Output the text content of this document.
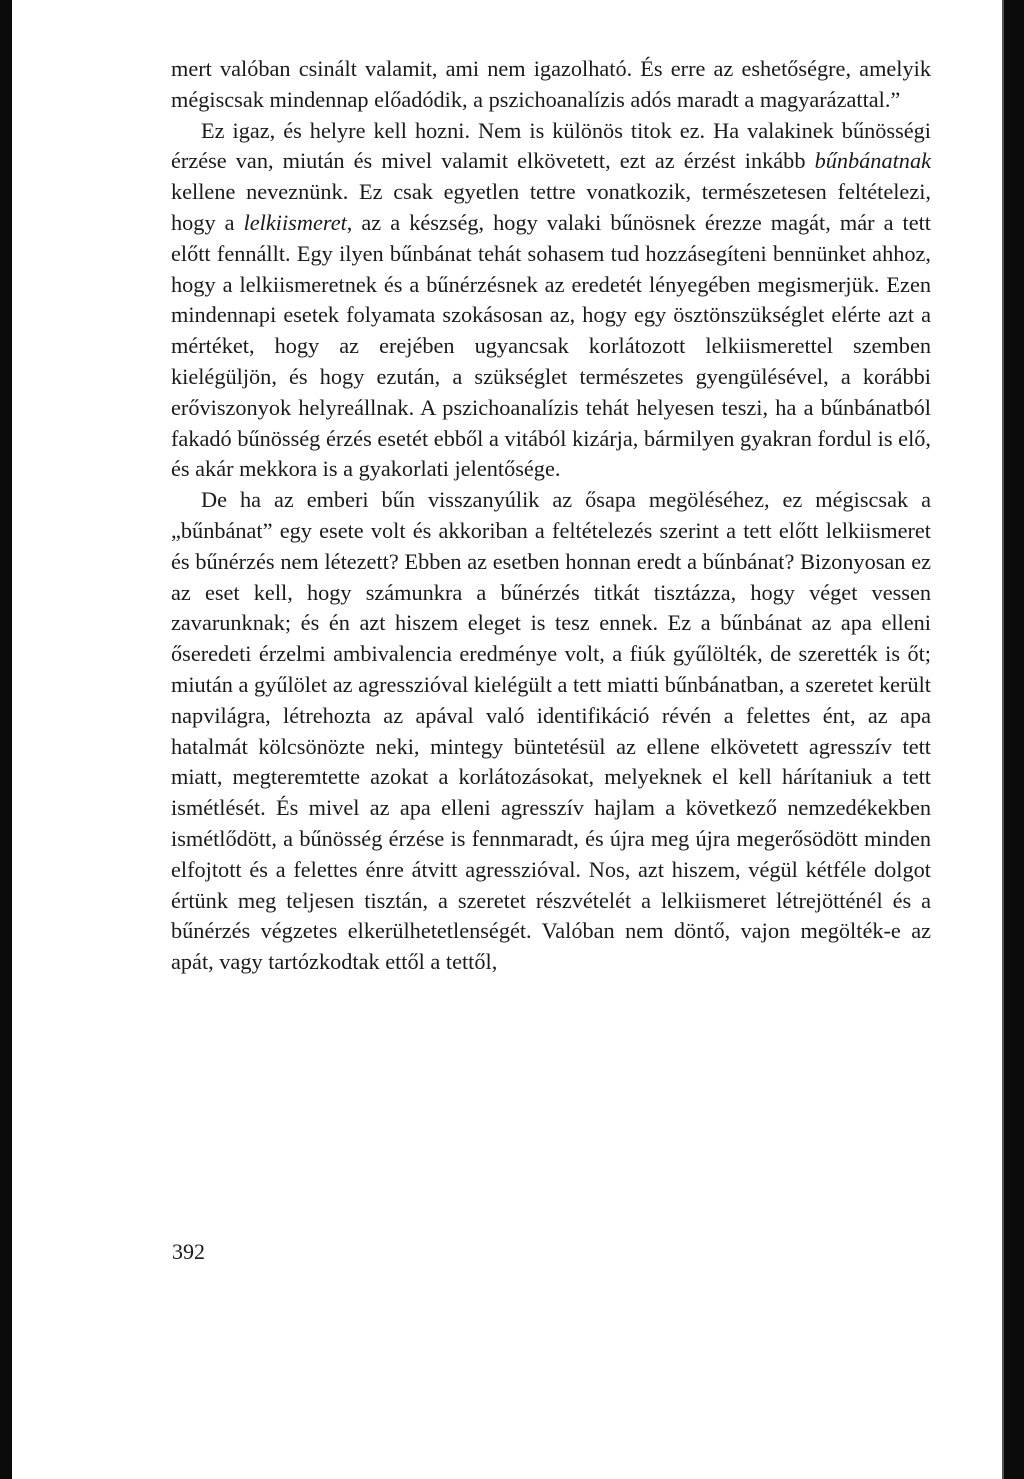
mert valóban csinált valamit, ami nem igazolható. És erre az eshetőségre, amelyik mégiscsak mindennap előadódik, a pszichoanalízis adós maradt a magyarázattal.”

Ez igaz, és helyre kell hozni. Nem is különös titok ez. Ha valakinek bűnösségi érzése van, miután és mivel valamit elkövetett, ezt az érzést inkább bűnbánatnak kellene neveznünk. Ez csak egyetlen tettre vonatkozik, természetesen feltételezi, hogy a lelkiismeret, az a készség, hogy valaki bűnösnek érezze magát, már a tett előtt fennállt. Egy ilyen bűnbánat tehát sohasem tud hozzásegíteni bennünket ahhoz, hogy a lelkiismeretnek és a bűnérzésnek az eredetét lényegében megismerjük. Ezen mindennapi esetek folyamata szokásosan az, hogy egy ösztönszükséglet elérte azt a mértéket, hogy az erejében ugyancsak korlátozott lelkiismerettel szemben kielégüljön, és hogy ezután, a szükséglet természetes gyengülésével, a korábbi erőviszonyok helyreállnak. A pszichoanalízis tehát helyesen teszi, ha a bűnbánatból fakadó bűnösség érzés esetét ebből a vitából kizárja, bármilyen gyakran fordul is elő, és akár mekkora is a gyakorlati jelentősége.

De ha az emberi bűn visszanyúlik az ősapa megöléséhez, ez mégiscsak a „bűnbánat” egy esete volt és akkoriban a feltételezés szerint a tett előtt lelkiismeret és bűnérzés nem létezett? Ebben az esetben honnan eredt a bűnbánat? Bizonyosan ez az eset kell, hogy számunkra a bűnérzés titkát tisztázza, hogy véget vessen zavarunknak; és én azt hiszem eleget is tesz ennek. Ez a bűnbánat az apa elleni őseredeti érzelmi ambivalencia eredménye volt, a fiúk gyűlölték, de szerették is őt; miután a gyűlölet az agresszióval kielégült a tett miatti bűnbánatban, a szeretet került napvilágra, létrehozta az apával való identifikáció révén a felettes ént, az apa hatalmát kölcsönözte neki, mintegy büntetésül az ellene elkövetett agresszív tett miatt, megteremtette azokat a korlátozásokat, melyeknek el kell hárítaniuk a tett ismétlését. És mivel az apa elleni agresszív hajlam a következő nemzedékekben ismétlődött, a bűnösség érzése is fennmaradt, és újra meg újra megerősödött minden elfojtott és a felettes énre átvitt agresszióval. Nos, azt hiszem, végül kétféle dolgot értünk meg teljesen tisztán, a szeretet részvételét a lelkiismeret létrejötténél és a bűnérzés végzetes elkerülhetetlenségét. Valóban nem döntő, vajon megölték-e az apát, vagy tartózkodtak ettől a tettől,

392
